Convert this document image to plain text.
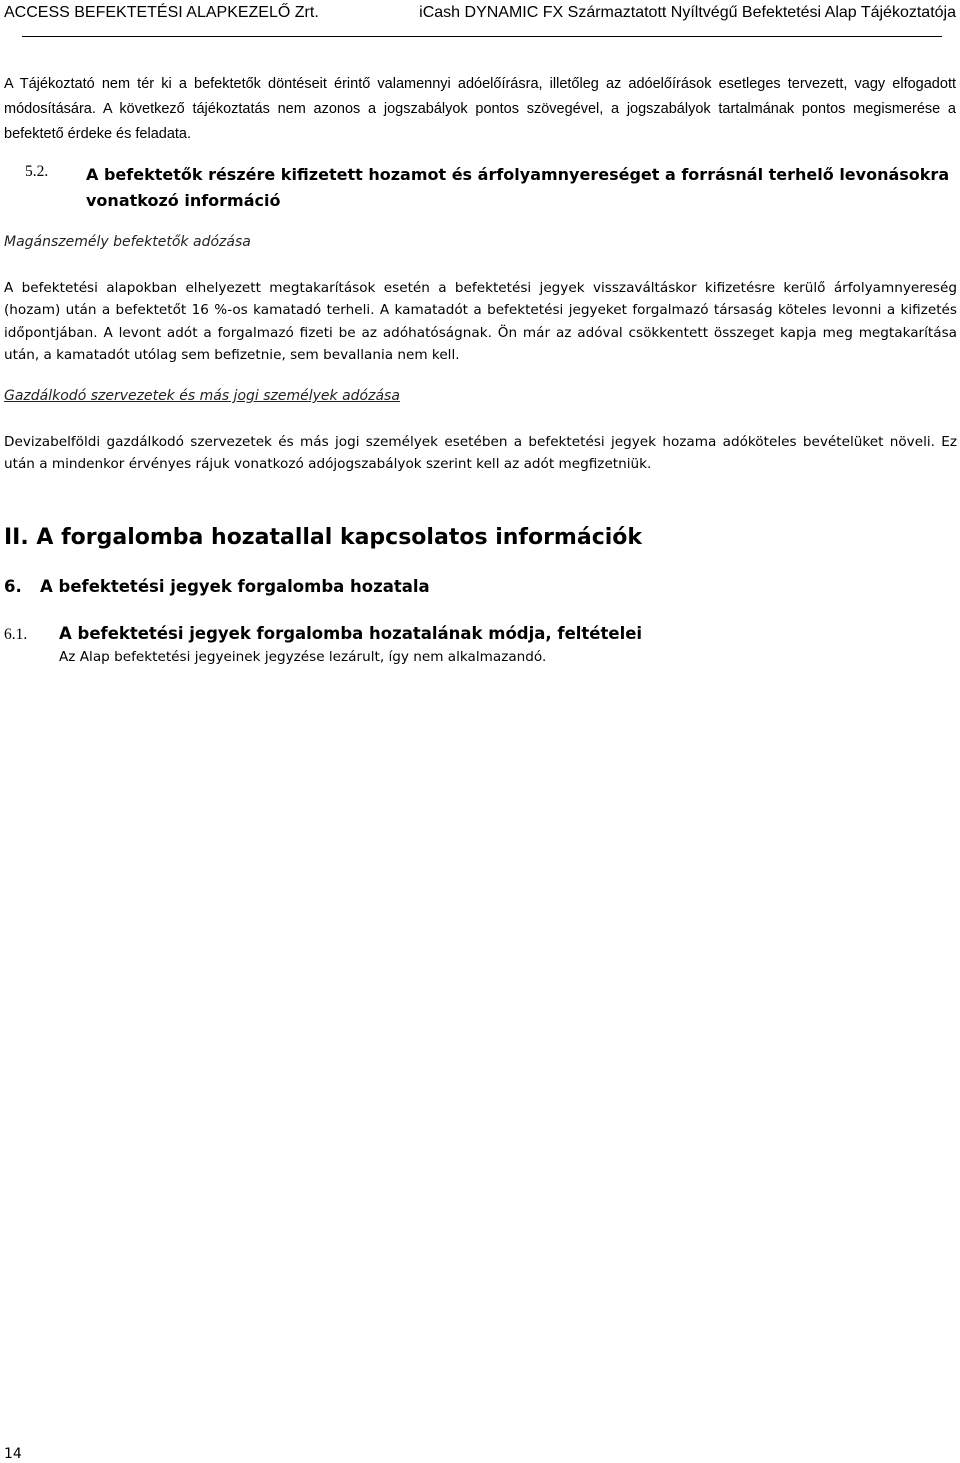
ACCESS BEFEKTETÉSI ALAPKEZELŐ Zrt.	iCash DYNAMIC FX Származtatott Nyíltvégű Befektetési Alap Tájékoztatója

A Tájékoztató nem tér ki a befektetők döntéseit érintő valamennyi adóelőírásra, illetőleg az adóelőírások esetleges tervezett, vagy elfogadott módosítására. A következő tájékoztatás nem azonos a jogszabályok pontos szövegével, a jogszabályok tartalmának pontos megismerése a befektető érdeke és feladata.

5.2. A befektetők részére kifizetett hozamot és árfolyamnyereséget a forrásnál terhelő levonásokra vonatkozó információ
Magánszemély befektetők adózása

A befektetési alapokban elhelyezett megtakarítások esetén a befektetési jegyek visszaváltáskor kifizetésre kerülő árfolyamnyereség (hozam) után a befektetőt 16 %-os kamatadó terheli. A kamatadót a befektetési jegyeket forgalmazó társaság köteles levonni a kifizetés időpontjában. A levont adót a forgalmazó fizeti be az adóhatóságnak. Ön már az adóval csökkentett összeget kapja meg megtakarítása után, a kamatadót utólag sem befizetnie, sem bevallania nem kell.

Gazdálkodó szervezetek és más jogi személyek adózása

Devizabelföldi gazdálkodó szervezetek és más jogi személyek esetében a befektetési jegyek hozama adóköteles bevételüket növeli. Ez után a mindenkor érvényes rájuk vonatkozó adójogszabályok szerint kell az adót megfizetniük.

II. A forgalomba hozatallal kapcsolatos információk
6. A befektetési jegyek forgalomba hozatala
6.1. A befektetési jegyek forgalomba hozatalának módja, feltételei
Az Alap befektetési jegyeinek jegyzése lezárult, így nem alkalmazandó.
14
